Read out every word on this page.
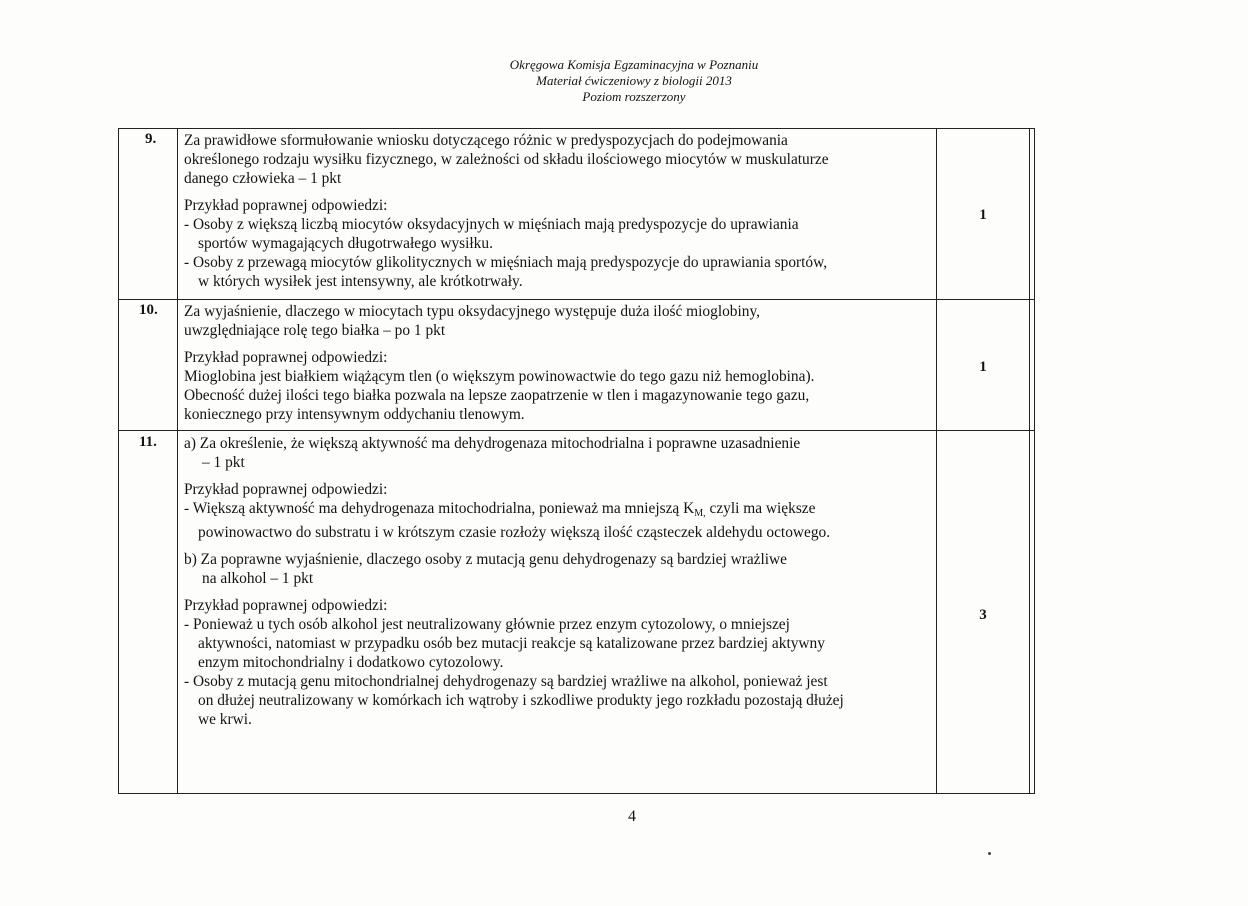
Okręgowa Komisja Egzaminacyjna w Poznaniu
Materiał ćwiczeniowy z biologii 2013
Poziom rozszerzony
9. Za prawidłowe sformułowanie wniosku dotyczącego różnic w predyspozycjach do podejmowania

określonego rodzaju wysiłku fizycznego, w zależności od składu ilościowego miocytów w muskulaturze

danego człowieka – 1 pkt

Przykład poprawnej odpowiedzi:

- Osoby z większą liczbą miocytów oksydacyjnych w mięśniach mają predyspozycje do uprawiania

sportów wymagających długotrwałego wysiłku.

- Osoby z przewagą miocytów glikolitycznych w mięśniach mają predyspozycje do uprawiania sportów,

w których wysiłek jest intensywny, ale krótkotrwały.

1
10. Za wyjaśnienie, dlaczego w miocytach typu oksydacyjnego występuje duża ilość mioglobiny,

uwzględniające rolę tego białka – po 1 pkt

Przykład poprawnej odpowiedzi:

Mioglobina jest białkiem wiążącym tlen (o większym powinowactwie do tego gazu niż hemoglobina).

Obecność dużej ilości tego białka pozwala na lepsze zaopatrzenie w tlen i magazynowanie tego gazu,

koniecznego przy intensywnym oddychaniu tlenowym.

1
11. a) Za określenie, że większą aktywność ma dehydrogenaza mitochodrialna i poprawne uzasadnienie

– 1 pkt

Przykład poprawnej odpowiedzi:

- Większą aktywność ma dehydrogenaza mitochodrialna, ponieważ ma mniejszą $K_{M,}$ czyli ma większe

powinowactwo do substratu i w krótszym czasie rozłoży większą ilość cząsteczek aldehydu octowego.

b) Za poprawne wyjaśnienie, dlaczego osoby z mutacją genu dehydrogenazy są bardziej wrażliwe

na alkohol – 1 pkt

Przykład poprawnej odpowiedzi:

- Ponieważ u tych osób alkohol jest neutralizowany głównie przez enzym cytozolowy, o mniejszej

aktywności, natomiast w przypadku osób bez mutacji reakcje są katalizowane przez bardziej aktywny

enzym mitochondrialny i dodatkowo cytozolowy.

- Osoby z mutacją genu mitochondrialnej dehydrogenazy są bardziej wrażliwe na alkohol, ponieważ jest

on dłużej neutralizowany w komórkach ich wątroby i szkodliwe produkty jego rozkładu pozostają dłużej

we krwi.

3
4
